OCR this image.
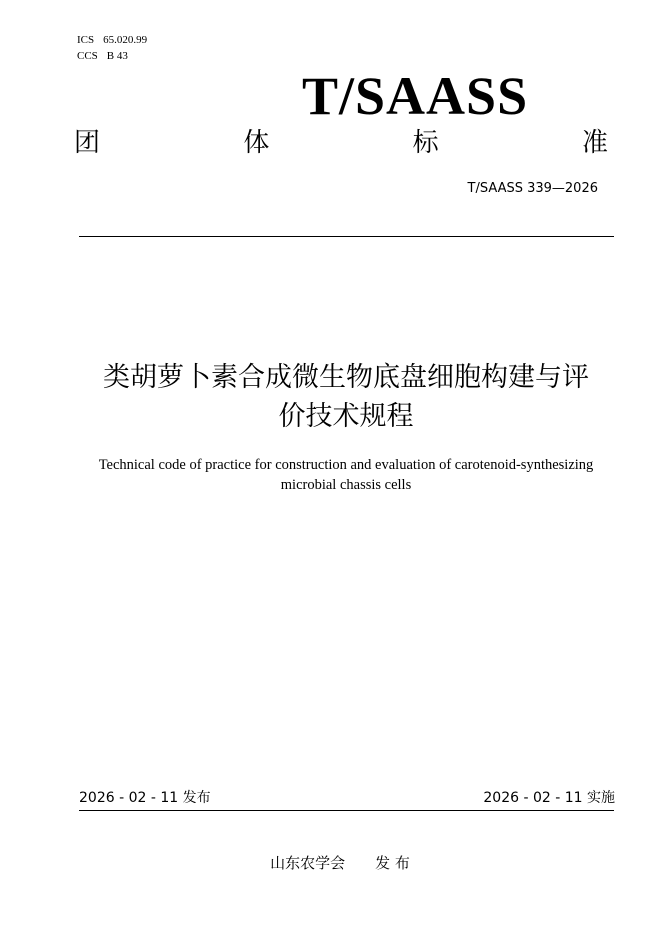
ICS 65.020.99
CCS B 43
T/SAASS
团	体	标	准
T/SAASS 339—2026
类胡萝卜素合成微生物底盘细胞构建与评
价技术规程
Technical code of practice for construction and evaluation of carotenoid-synthesizing
microbial chassis cells
2026 - 02 - 11 发布	2026 - 02 - 11 实施
山东农学会 发 布
